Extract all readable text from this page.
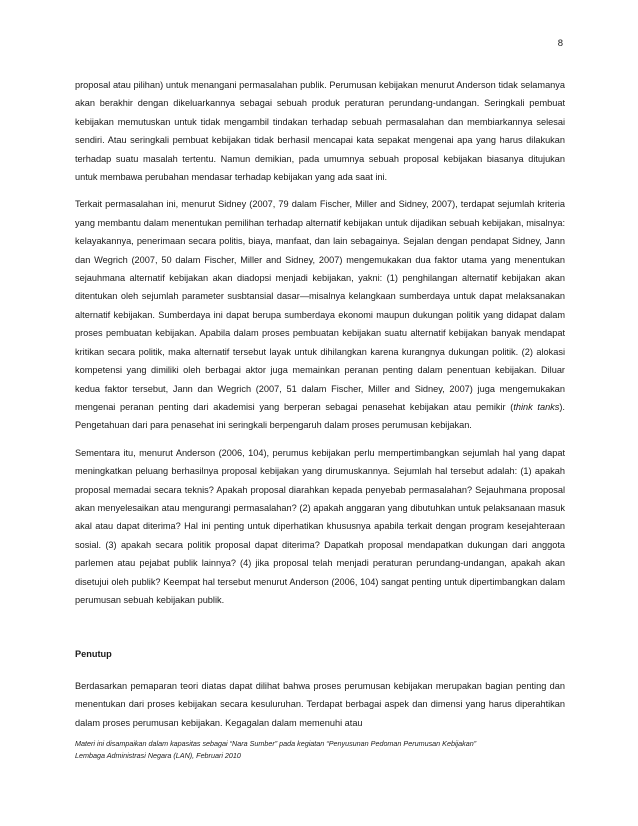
8

proposal atau pilihan) untuk menangani permasalahan publik. Perumusan kebijakan menurut Anderson tidak selamanya akan berakhir dengan dikeluarkannya sebagai sebuah produk peraturan perundang-undangan. Seringkali pembuat kebijakan memutuskan untuk tidak mengambil tindakan terhadap sebuah permasalahan dan membiarkannya selesai sendiri. Atau seringkali pembuat kebijakan tidak berhasil mencapai kata sepakat mengenai apa yang harus dilakukan terhadap suatu masalah tertentu. Namun demikian, pada umumnya sebuah proposal kebijakan biasanya ditujukan untuk membawa perubahan mendasar terhadap kebijakan yang ada saat ini.

Terkait permasalahan ini, menurut Sidney (2007, 79 dalam Fischer, Miller and Sidney, 2007), terdapat sejumlah kriteria yang membantu dalam menentukan pemilihan terhadap alternatif kebijakan untuk dijadikan sebuah kebijakan, misalnya: kelayakannya, penerimaan secara politis, biaya, manfaat, dan lain sebagainya. Sejalan dengan pendapat Sidney, Jann dan Wegrich (2007, 50 dalam Fischer, Miller and Sidney, 2007) mengemukakan dua faktor utama yang menentukan sejauhmana alternatif kebijakan akan diadopsi menjadi kebijakan, yakni: (1) penghilangan alternatif kebijakan akan ditentukan oleh sejumlah parameter susbtansial dasar—misalnya kelangkaan sumberdaya untuk dapat melaksanakan alternatif kebijakan. Sumberdaya ini dapat berupa sumberdaya ekonomi maupun dukungan politik yang didapat dalam proses pembuatan kebijakan. Apabila dalam proses pembuatan kebijakan suatu alternatif kebijakan banyak mendapat kritikan secara politik, maka alternatif tersebut layak untuk dihilangkan karena kurangnya dukungan politik. (2) alokasi kompetensi yang dimiliki oleh berbagai aktor juga memainkan peranan penting dalam penentuan kebijakan. Diluar kedua faktor tersebut, Jann dan Wegrich (2007, 51 dalam Fischer, Miller and Sidney, 2007) juga mengemukakan mengenai peranan penting dari akademisi yang berperan sebagai penasehat kebijakan atau pemikir (think tanks). Pengetahuan dari para penasehat ini seringkali berpengaruh dalam proses perumusan kebijakan.

Sementara itu, menurut Anderson (2006, 104), perumus kebijakan perlu mempertimbangkan sejumlah hal yang dapat meningkatkan peluang berhasilnya proposal kebijakan yang dirumuskannya. Sejumlah hal tersebut adalah: (1) apakah proposal memadai secara teknis? Apakah proposal diarahkan kepada penyebab permasalahan? Sejauhmana proposal akan menyelesaikan atau mengurangi permasalahan? (2) apakah anggaran yang dibutuhkan untuk pelaksanaan masuk akal atau dapat diterima? Hal ini penting untuk diperhatikan khususnya apabila terkait dengan program kesejahteraan sosial. (3) apakah secara politik proposal dapat diterima? Dapatkah proposal mendapatkan dukungan dari anggota parlemen atau pejabat publik lainnya? (4) jika proposal telah menjadi peraturan perundang-undangan, apakah akan disetujui oleh publik? Keempat hal tersebut menurut Anderson (2006, 104) sangat penting untuk dipertimbangkan dalam perumusan sebuah kebijakan publik.

Penutup

Berdasarkan pemaparan teori diatas dapat dilihat bahwa proses perumusan kebijakan merupakan bagian penting dan menentukan dari proses kebijakan secara kesuluruhan. Terdapat berbagai aspek dan dimensi yang harus diperahtikan dalam proses perumusan kebijakan. Kegagalan dalam memenuhi atau

Materi ini disampaikan dalam kapasitas sebagai “Nara Sumber” pada kegiatan “Penyusunan Pedoman Perumusan Kebijakan”
Lembaga Administrasi Negara (LAN), Februari 2010
